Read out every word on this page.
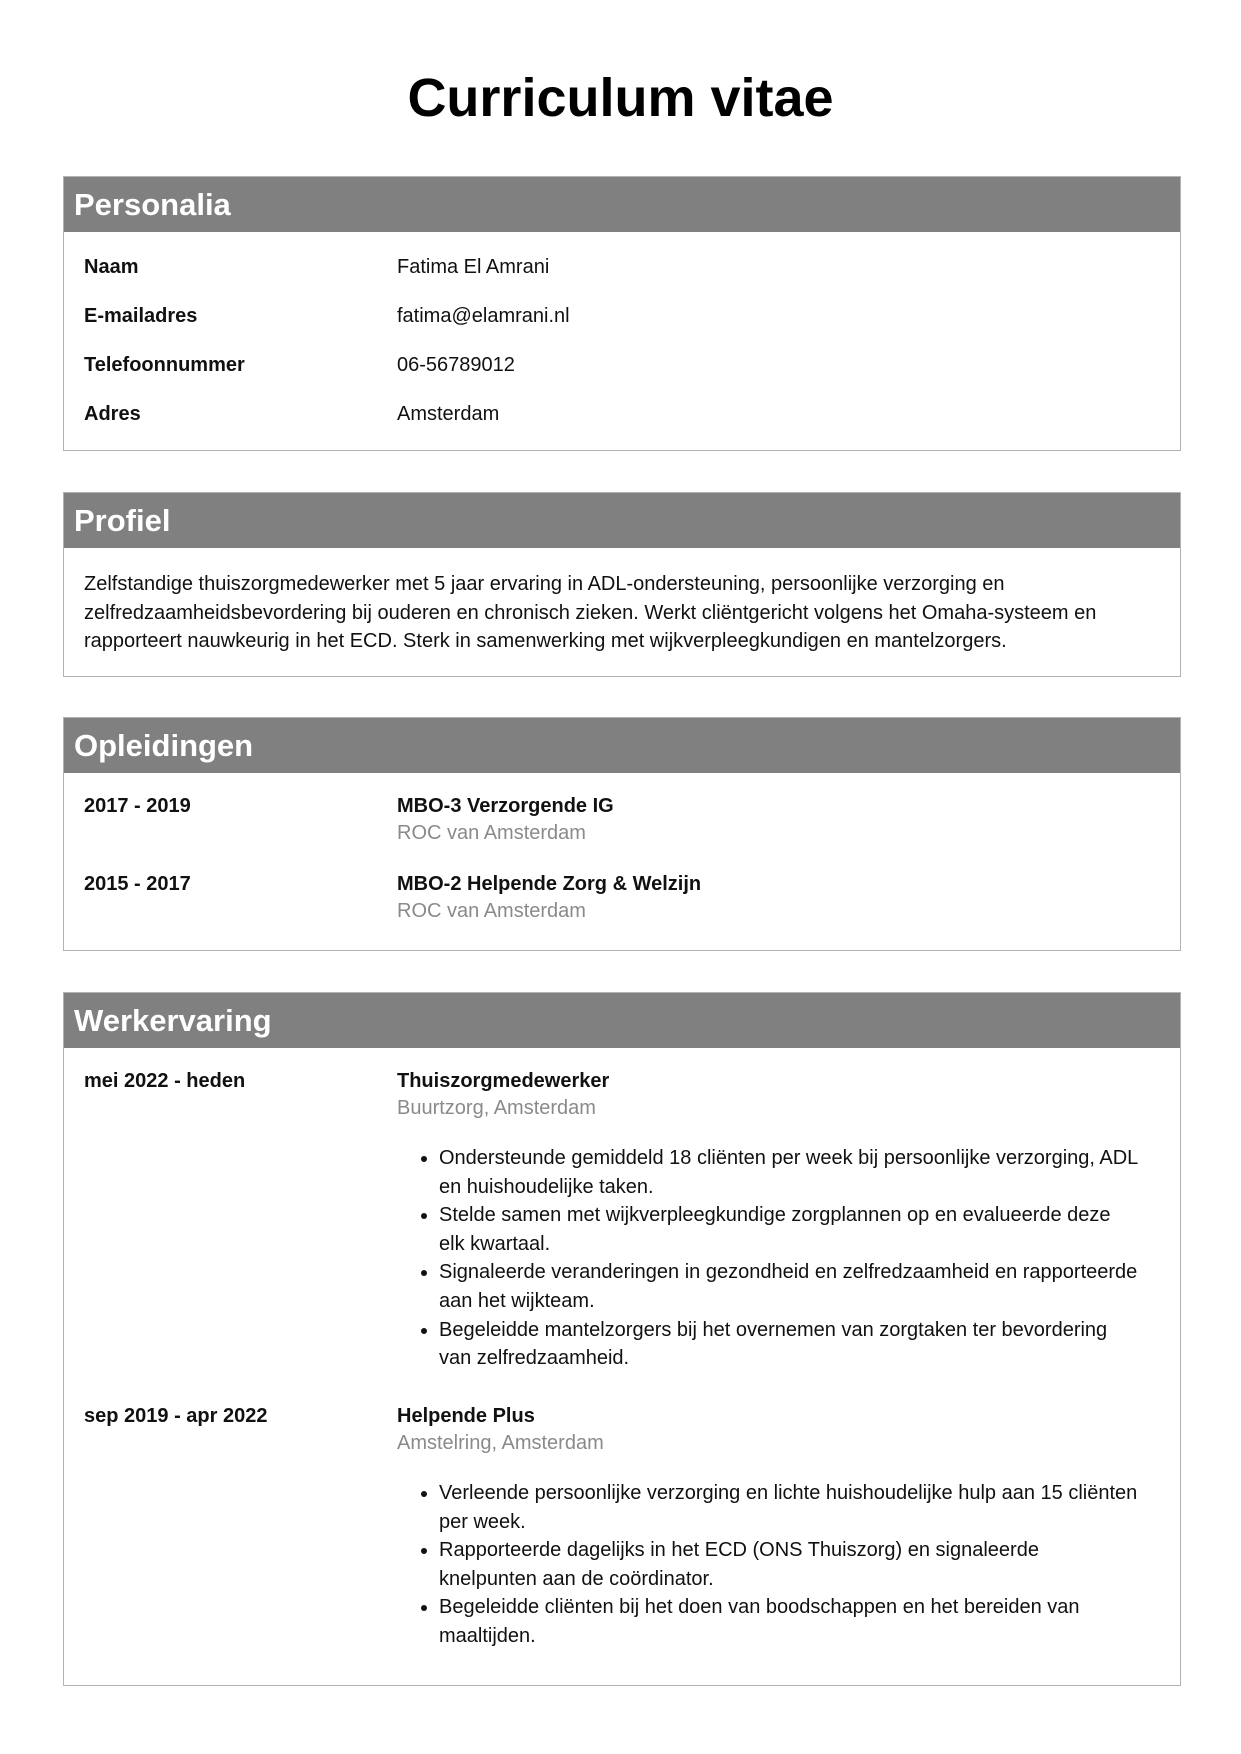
Curriculum vitae
Personalia
Naam	Fatima El Amrani
E-mailadres	fatima@elamrani.nl
Telefoonnummer	06-56789012
Adres	Amsterdam
Profiel

Zelfstandige thuiszorgmedewerker met 5 jaar ervaring in ADL-ondersteuning, persoonlijke verzorging en zelfredzaamheidsbevordering bij ouderen en chronisch zieken. Werkt cliëntgericht volgens het Omaha-systeem en rapporteert nauwkeurig in het ECD. Sterk in samenwerking met wijkverpleegkundigen en mantelzorgers.

Opleidingen
2017 - 2019	MBO-3 Verzorgende IG
ROC van Amsterdam
2015 - 2017	MBO-2 Helpende Zorg & Welzijn
ROC van Amsterdam
Werkervaring
mei 2022 - heden	Thuiszorgmedewerker
Buurtzorg, Amsterdam
• Ondersteunde gemiddeld 18 cliënten per week bij persoonlijke verzorging, ADL en huishoudelijke taken.
• Stelde samen met wijkverpleegkundige zorgplannen op en evalueerde deze elk kwartaal.
• Signaleerde veranderingen in gezondheid en zelfredzaamheid en rapporteerde aan het wijkteam.
• Begeleidde mantelzorgers bij het overnemen van zorgtaken ter bevordering van zelfredzaamheid.
sep 2019 - apr 2022	Helpende Plus
Amstelring, Amsterdam
• Verleende persoonlijke verzorging en lichte huishoudelijke hulp aan 15 cliënten per week.
• Rapporteerde dagelijks in het ECD (ONS Thuiszorg) en signaleerde knelpunten aan de coördinator.
• Begeleidde cliënten bij het doen van boodschappen en het bereiden van maaltijden.
